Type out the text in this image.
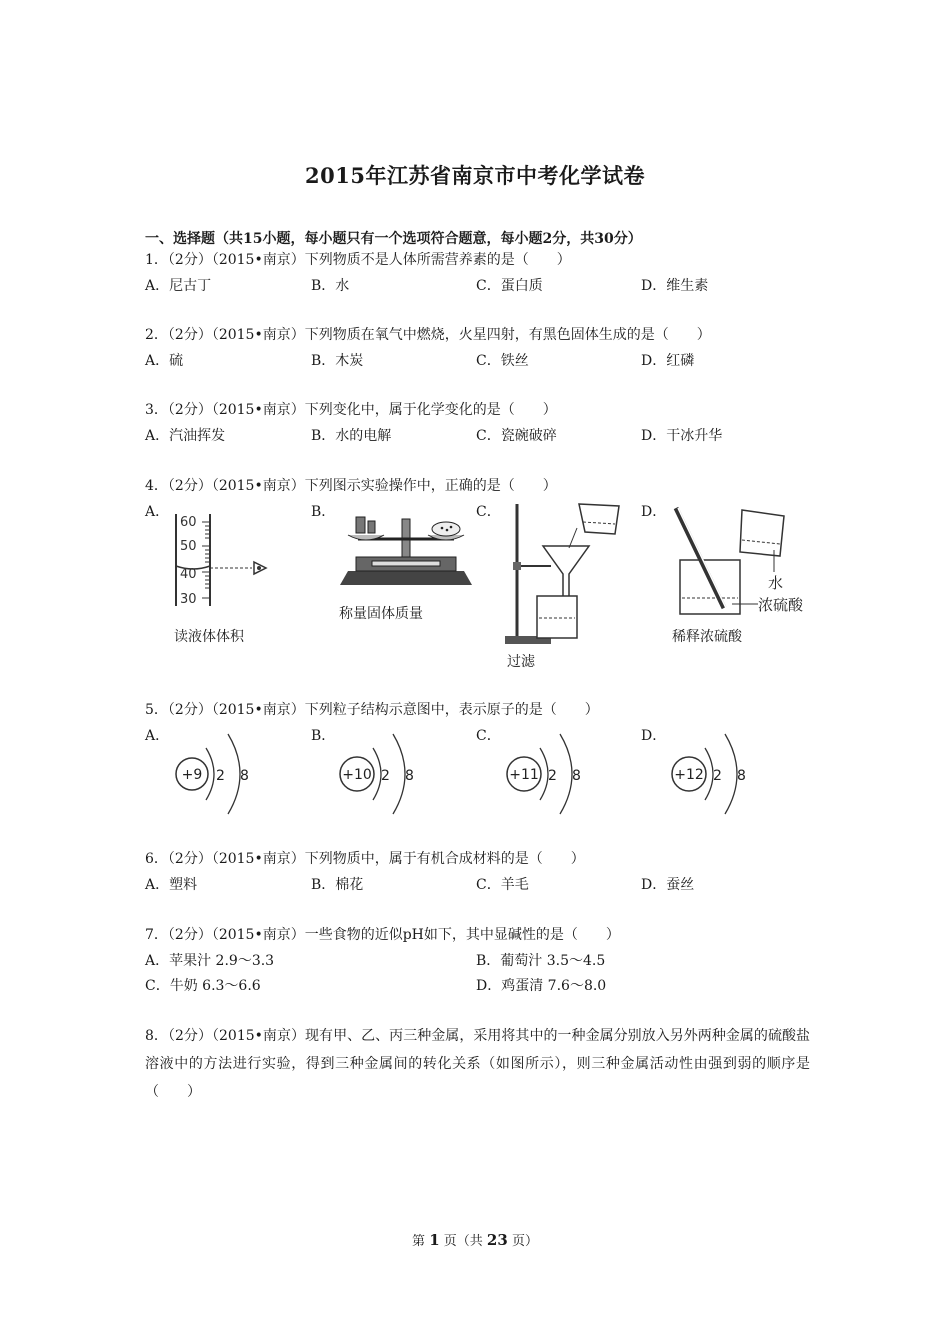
2015年江苏省南京市中考化学试卷
一、选择题（共15小题，每小题只有一个选项符合题意，每小题2分，共30分）
1．（2分）（2015•南京）下列物质不是人体所需营养素的是（　　）
A．尼古丁	B．水	C．蛋白质	D．维生素
2．（2分）（2015•南京）下列物质在氧气中燃烧，火星四射，有黑色固体生成的是（　　）
A．硫	B．木炭	C．铁丝	D．红磷
3．（2分）（2015•南京）下列变化中，属于化学变化的是（　　）
A．汽油挥发	B．水的电解	C．瓷碗破碎	D．干冰升华
4．（2分）（2015•南京）下列图示实验操作中，正确的是（　　）
A．	B．	C．	D．
60
50
40
30
读液体体积
称量固体质量
过滤
水
浓硫酸
稀释浓硫酸
5．（2分）（2015•南京）下列粒子结构示意图中，表示原子的是（　　）
A．	B．	C．	D．
+9 2 8	+10 2 8	+11 2 8	+12 2 8
6．（2分）（2015•南京）下列物质中，属于有机合成材料的是（　　）
A．塑料	B．棉花	C．羊毛	D．蚕丝
7．（2分）（2015•南京）一些食物的近似pH如下，其中显碱性的是（　　）
A．苹果汁 2.9～3.3	B．葡萄汁 3.5～4.5
C．牛奶 6.3～6.6	D．鸡蛋清 7.6～8.0
8．（2分）（2015•南京）现有甲、乙、丙三种金属，采用将其中的一种金属分别放入另外两种金属的硫酸盐溶液中的方法进行实验，得到三种金属间的转化关系（如图所示），则三种金属活动性由强到弱的顺序是（　　）
第 1 页（共 23 页）
